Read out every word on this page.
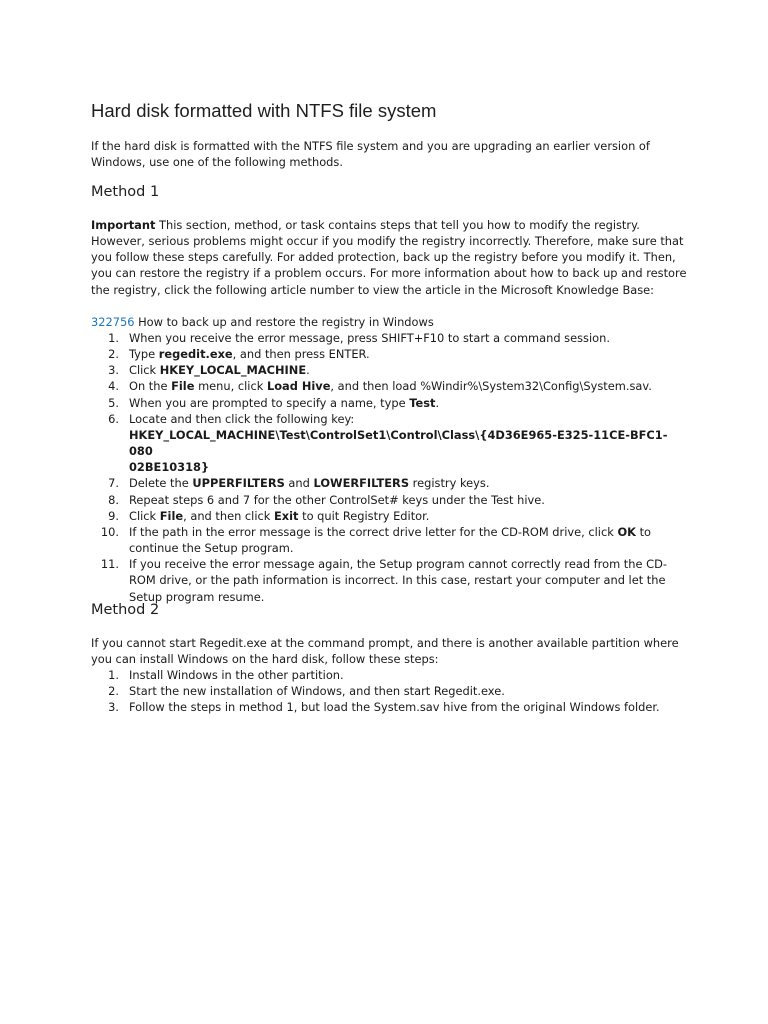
Hard disk formatted with NTFS file system

If the hard disk is formatted with the NTFS file system and you are upgrading an earlier version of Windows, use one of the following methods.

Method 1

Important This section, method, or task contains steps that tell you how to modify the registry. However, serious problems might occur if you modify the registry incorrectly. Therefore, make sure that you follow these steps carefully. For added protection, back up the registry before you modify it. Then, you can restore the registry if a problem occurs. For more information about how to back up and restore the registry, click the following article number to view the article in the Microsoft Knowledge Base:

322756 How to back up and restore the registry in Windows

1. When you receive the error message, press SHIFT+F10 to start a command session.
2. Type regedit.exe, and then press ENTER.
3. Click HKEY_LOCAL_MACHINE.
4. On the File menu, click Load Hive, and then load %Windir%\System32\Config\System.sav.
5. When you are prompted to specify a name, type Test.
6. Locate and then click the following key:
HKEY_LOCAL_MACHINE\Test\ControlSet1\Control\Class\{4D36E965-E325-11CE-BFC1-080
02BE10318}
7. Delete the UPPERFILTERS and LOWERFILTERS registry keys.
8. Repeat steps 6 and 7 for the other ControlSet# keys under the Test hive.
9. Click File, and then click Exit to quit Registry Editor.
10. If the path in the error message is the correct drive letter for the CD-ROM drive, click OK to continue the Setup program.
11. If you receive the error message again, the Setup program cannot correctly read from the CD-ROM drive, or the path information is incorrect. In this case, restart your computer and let the Setup program resume.
Method 2

If you cannot start Regedit.exe at the command prompt, and there is another available partition where you can install Windows on the hard disk, follow these steps:

1. Install Windows in the other partition.
2. Start the new installation of Windows, and then start Regedit.exe.
3. Follow the steps in method 1, but load the System.sav hive from the original Windows folder.
